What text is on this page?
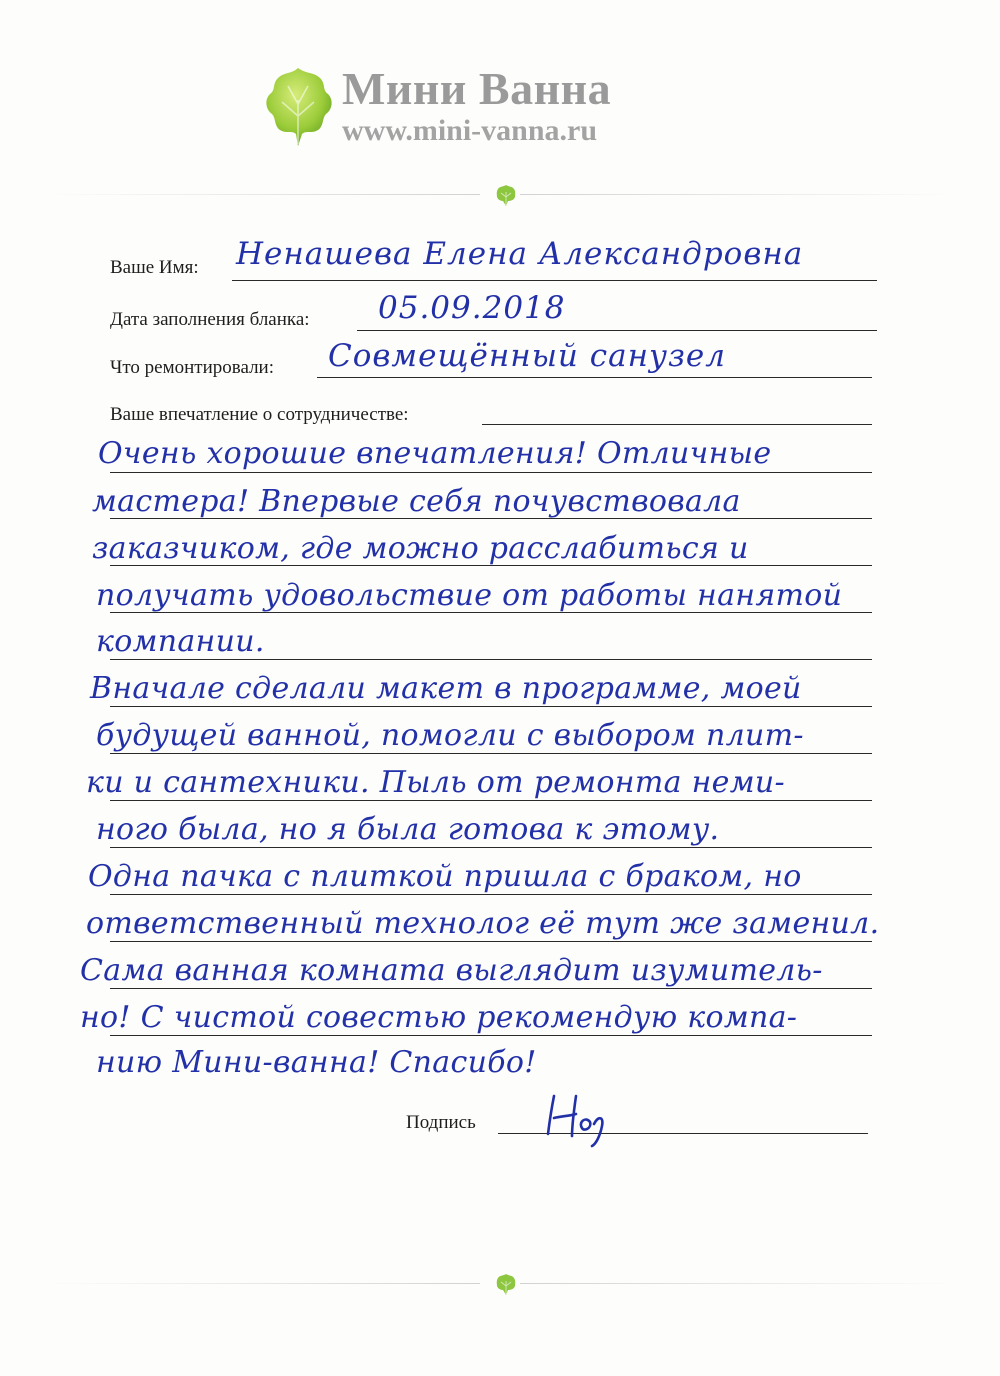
Мини Ванна
www.mini-vanna.ru
Ваше Имя: Ненашева Елена Александровна
Дата заполнения бланка: 05.09.2018
Что ремонтировали: Совмещённый санузел
Ваше впечатление о сотрудничестве:
Очень хорошие впечатления! Отличные
мастера! Впервые себя почувствовала
заказчиком, где можно расслабиться и
получать удовольствие от работы нанятой
компании.
Вначале сделали макет в программе, моей
будущей ванной, помогли с выбором плит-
ки и сантехники. Пыль от ремонта неми-
ного была, но я была готова к этому.
Одна пачка с плиткой пришла с браком, но
ответственный технолог её тут же заменил.
Сама ванная комната выглядит изумитель-
но! С чистой совестью рекомендую компа-
нию Мини-ванна! Спасибо!
Подпись
